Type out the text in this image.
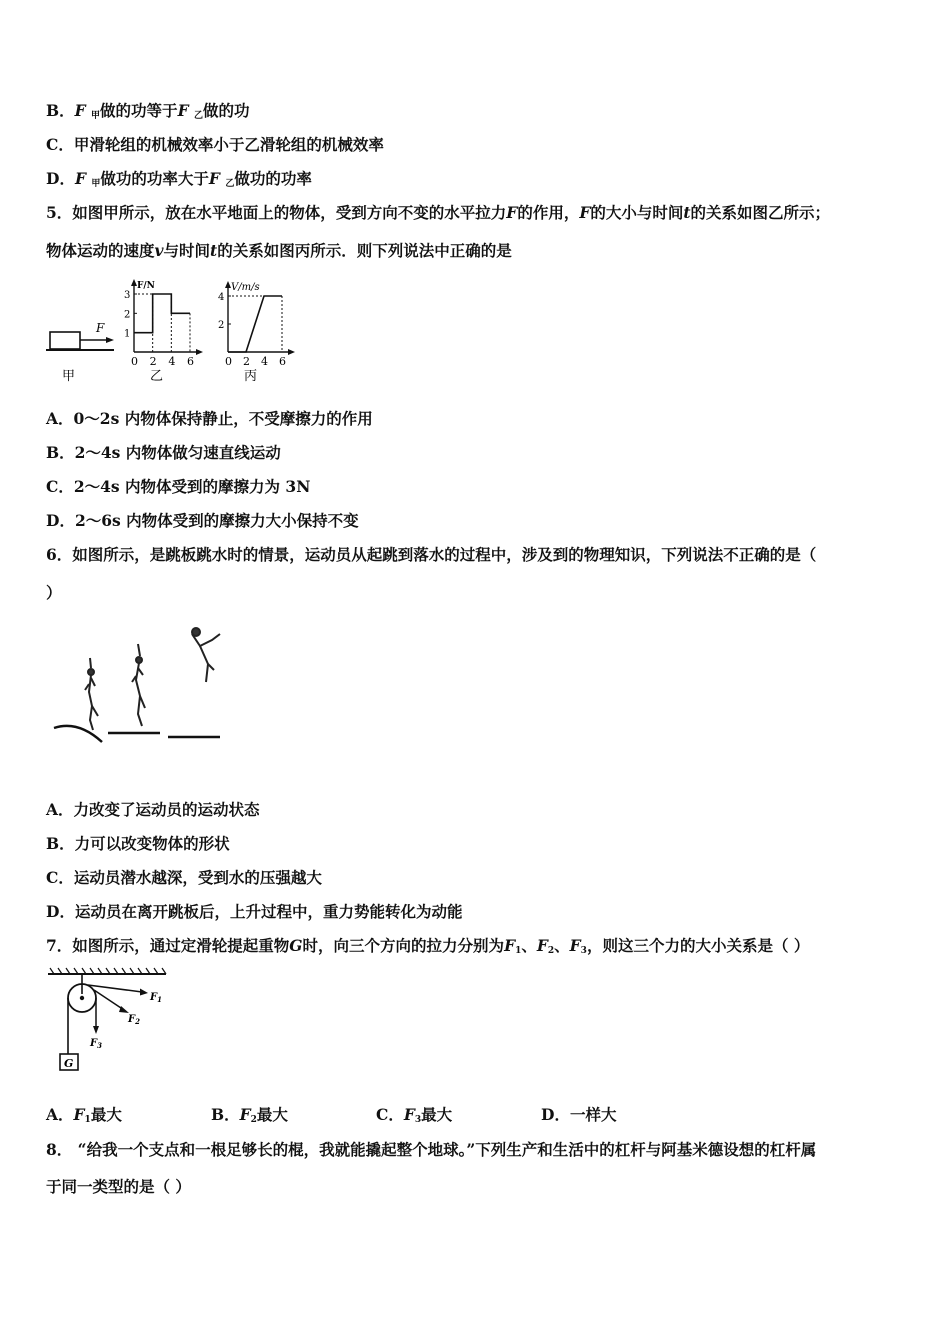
B．F $_甲$做的功等于F $_乙$做的功
C．甲滑轮组的机械效率小于乙滑轮组的机械效率
D．F $_甲$做功的功率大于F $_乙$做功的功率
5．如图甲所示，放在水平地面上的物体，受到方向不变的水平拉力F的作用，F的大小与时间t的关系如图乙所示；
物体运动的速度v与时间t的关系如图丙所示．则下列说法中正确的是
F
甲
F/N
0 2 4 6
3
2
1
乙
V/m/s
0 2 4 6
4
2
丙
A．0～2s 内物体保持静止，不受摩擦力的作用
B．2～4s 内物体做匀速直线运动
C．2～4s 内物体受到的摩擦力为 3N
D．2～6s 内物体受到的摩擦力大小保持不变
6．如图所示，是跳板跳水时的情景，运动员从起跳到落水的过程中，涉及到的物理知识，下列说法不正确的是（
）
A．力改变了运动员的运动状态
B．力可以改变物体的形状
C．运动员潜水越深，受到水的压强越大
D．运动员在离开跳板后，上升过程中，重力势能转化为动能
7．如图所示，通过定滑轮提起重物G时，向三个方向的拉力分别为$F_1$、$F_2$、$F_3$，则这三个力的大小关系是（ ）
G
$F_1$
$F_2$
$F_3$
A．$F_1$最大	B．$F_2$最大	C．$F_3$最大	D．一样大
8． “给我一个支点和一根足够长的棍，我就能撬起整个地球。”下列生产和生活中的杠杆与阿基米德设想的杠杆属
于同一类型的是（ ）
